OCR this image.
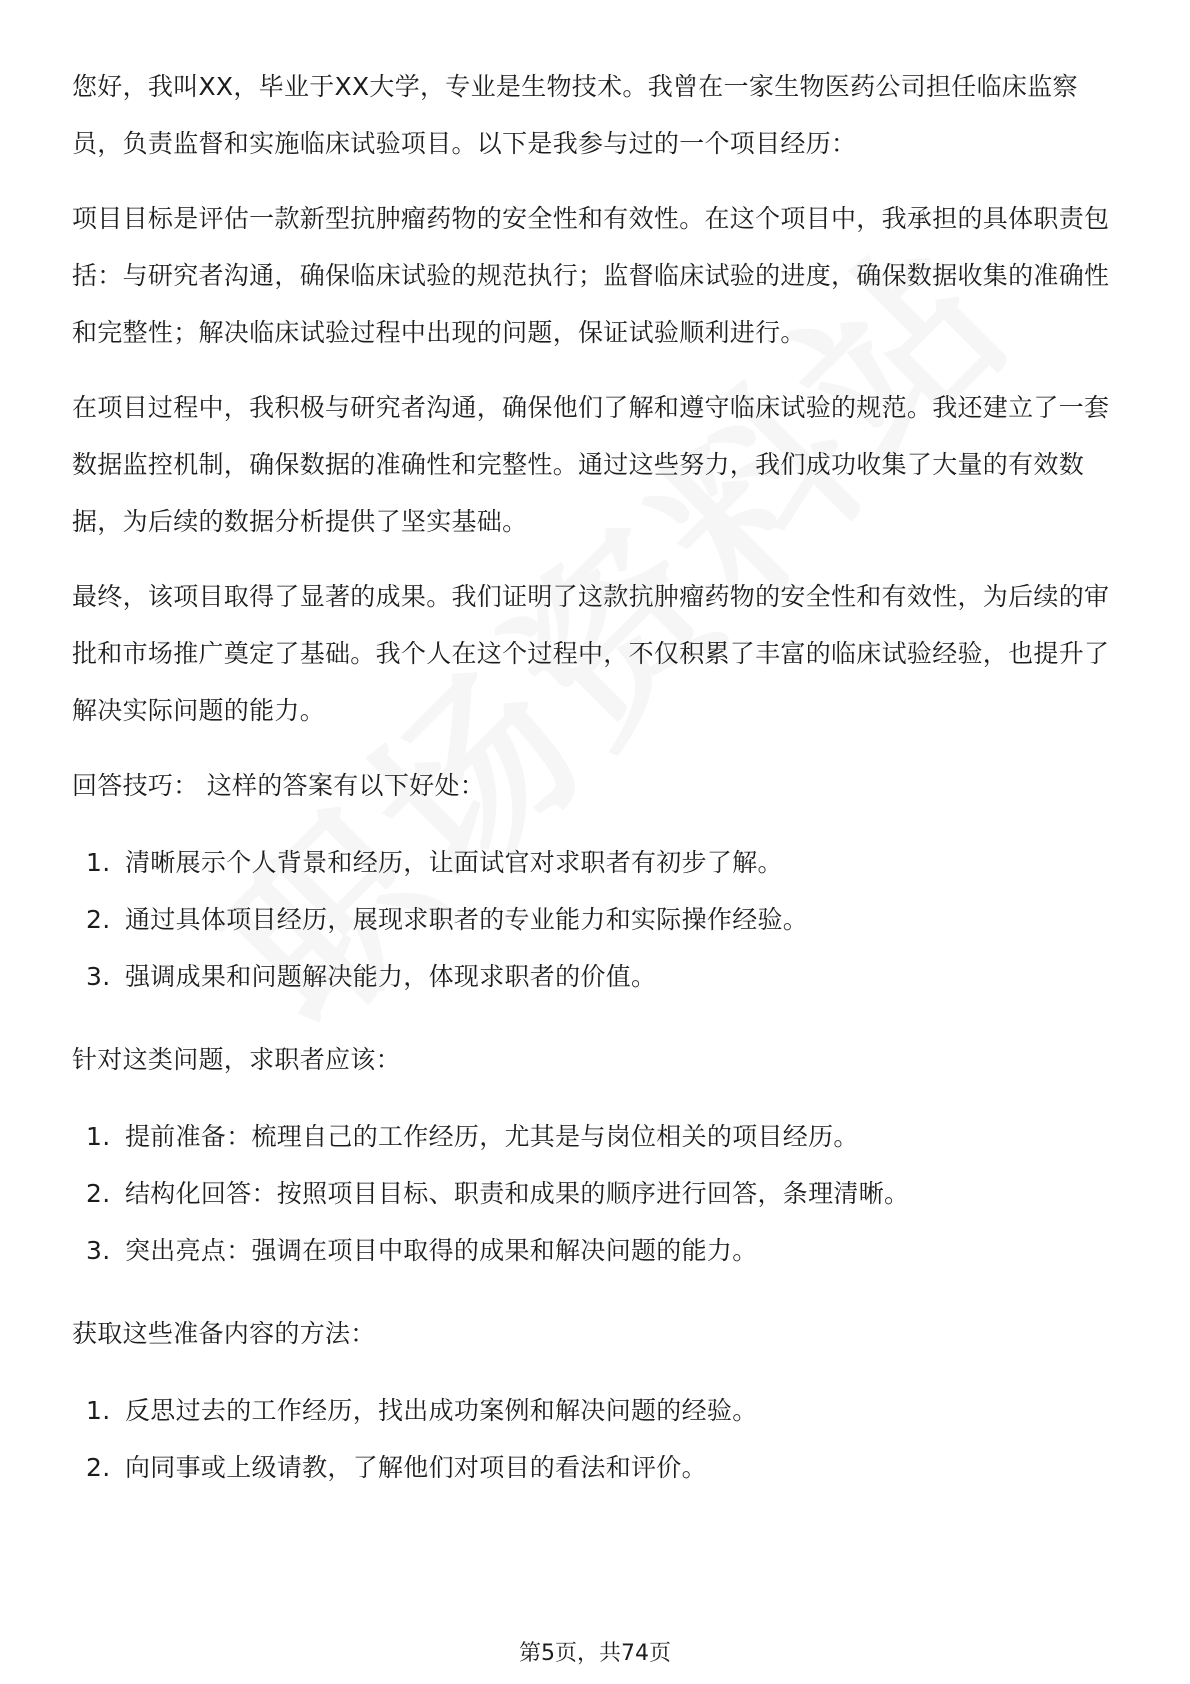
您好，我叫XX，毕业于XX大学，专业是生物技术。我曾在一家生物医药公司担任临床监察员，负责监督和实施临床试验项目。以下是我参与过的一个项目经历：

项目目标是评估一款新型抗肿瘤药物的安全性和有效性。在这个项目中，我承担的具体职责包括：与研究者沟通，确保临床试验的规范执行；监督临床试验的进度，确保数据收集的准确性和完整性；解决临床试验过程中出现的问题，保证试验顺利进行。

在项目过程中，我积极与研究者沟通，确保他们了解和遵守临床试验的规范。我还建立了一套数据监控机制，确保数据的准确性和完整性。通过这些努力，我们成功收集了大量的有效数据，为后续的数据分析提供了坚实基础。

最终，该项目取得了显著的成果。我们证明了这款抗肿瘤药物的安全性和有效性，为后续的审批和市场推广奠定了基础。我个人在这个过程中，不仅积累了丰富的临床试验经验，也提升了解决实际问题的能力。

回答技巧： 这样的答案有以下好处：

1. 清晰展示个人背景和经历，让面试官对求职者有初步了解。
2. 通过具体项目经历，展现求职者的专业能力和实际操作经验。
3. 强调成果和问题解决能力，体现求职者的价值。

针对这类问题，求职者应该：

1. 提前准备：梳理自己的工作经历，尤其是与岗位相关的项目经历。
2. 结构化回答：按照项目目标、职责和成果的顺序进行回答，条理清晰。
3. 突出亮点：强调在项目中取得的成果和解决问题的能力。

获取这些准备内容的方法：

1. 反思过去的工作经历，找出成功案例和解决问题的经验。
2. 向同事或上级请教，了解他们对项目的看法和评价。
第5页，共74页
